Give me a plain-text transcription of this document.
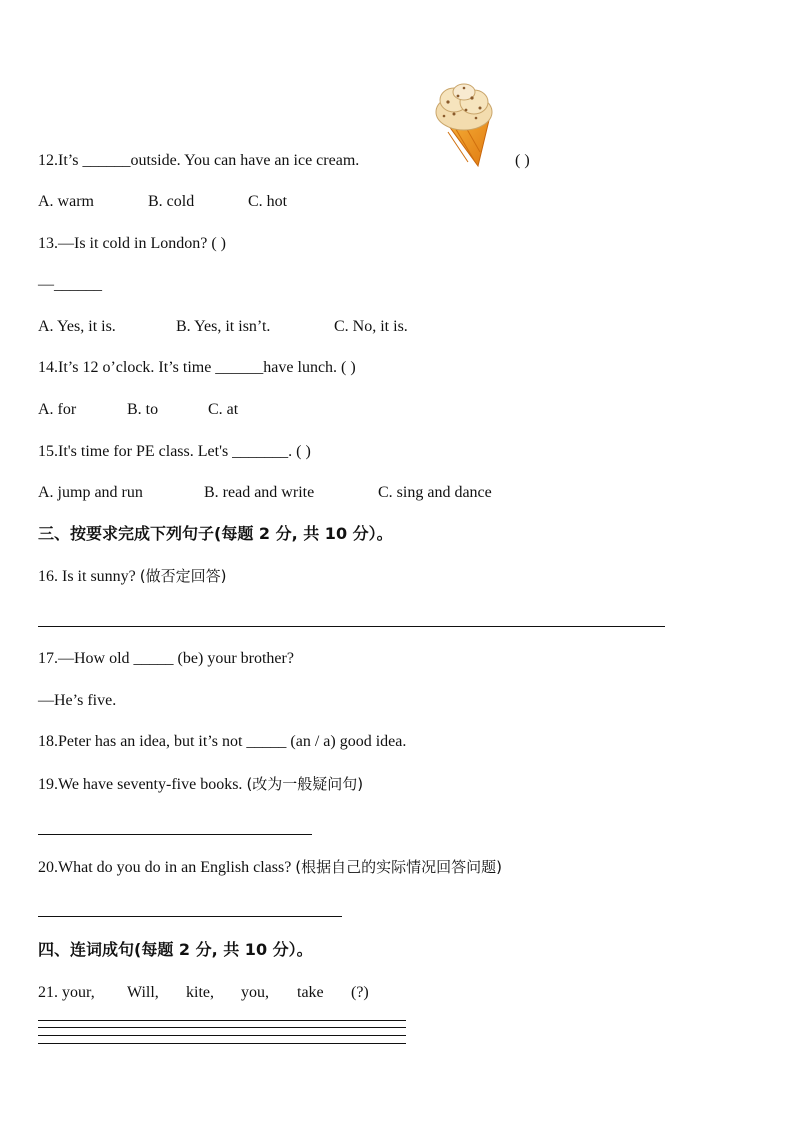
12.It’s ______outside. You can have an ice cream.	( )
A. warm	B. cold	C. hot
13.—Is it cold in London? ( )
—______
A. Yes, it is.	B. Yes, it isn’t.	C. No, it is.
14.It’s 12 o’clock. It’s time ______have lunch. ( )
A. for	B. to	C. at
15.It's time for PE class. Let's _______. ( )
A. jump and run	B. read and write	C. sing and dance
三、按要求完成下列句子(每题 2 分, 共 10 分）。
16. Is it sunny? (做否定回答)
17.—How old _____ (be) your brother?
—He’s five.
18.Peter has an idea, but it’s not _____ (an / a) good idea.
19.We have seventy-five books. (改为一般疑问句)
20.What do you do in an English class? (根据自己的实际情况回答问题)
四、连词成句(每题 2 分, 共 10 分）。
21. your, Will, kite, you, take (?)
